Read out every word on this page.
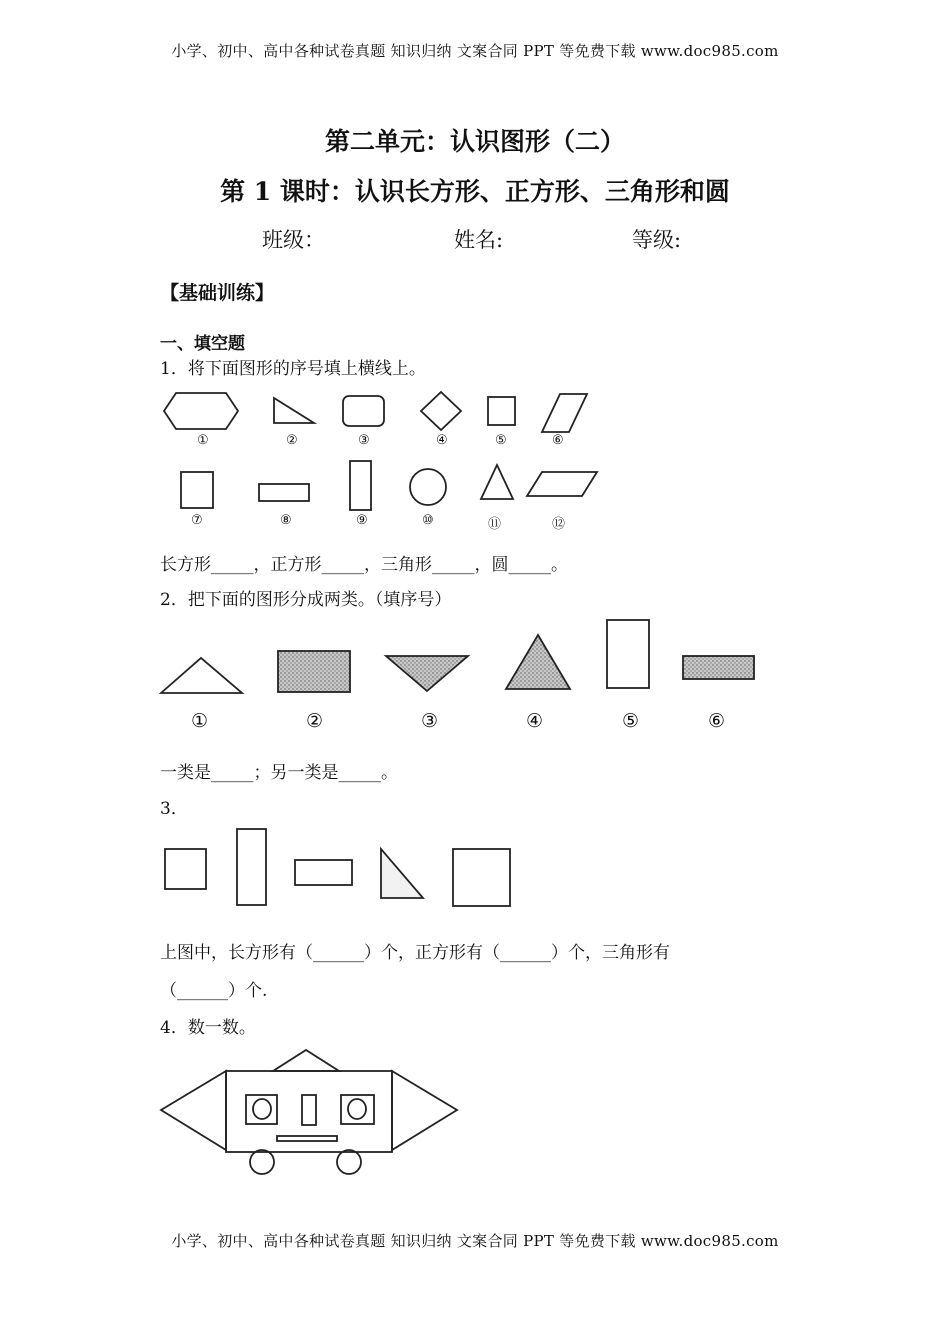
小学、初中、高中各种试卷真题 知识归纳 文案合同 PPT 等免费下载 www.doc985.com
第二单元：认识图形（二）
第 1 课时：认识长方形、正方形、三角形和圆
班级：	姓名:	等级:
【基础训练】
一、填空题
1．将下面图形的序号填上横线上。
①	②	③	④	⑤	⑥
⑦	⑧	⑨	⑩	⑪	⑫
长方形_____，正方形_____，三角形_____，圆_____。
2．把下面的图形分成两类。（填序号）
①	②	③	④	⑤	⑥
一类是_____；另一类是_____。
3．
上图中，长方形有（______）个，正方形有（______）个，三角形有
（______）个.
4．数一数。
小学、初中、高中各种试卷真题 知识归纳 文案合同 PPT 等免费下载 www.doc985.com
